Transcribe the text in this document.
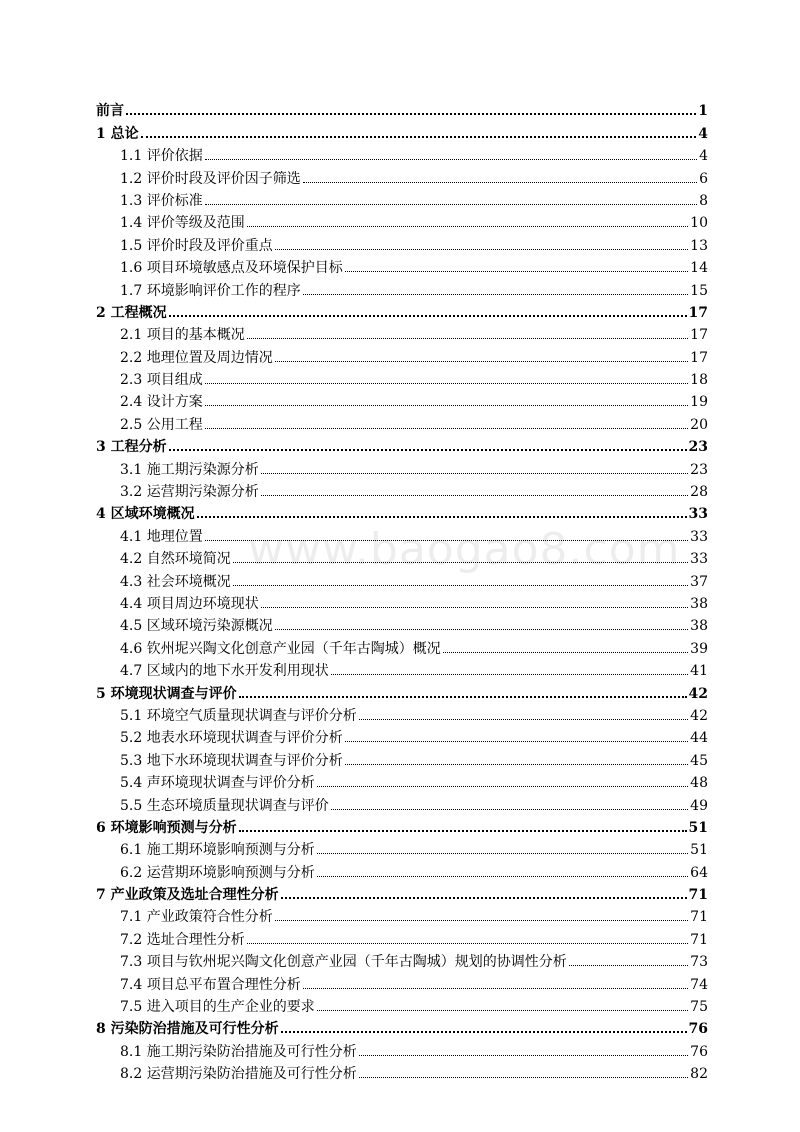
www.baogao8.com
前言	1
1 总论	4
1.1 评价依据	4
1.2 评价时段及评价因子筛选	6
1.3 评价标准	8
1.4 评价等级及范围	10
1.5 评价时段及评价重点	13
1.6 项目环境敏感点及环境保护目标	14
1.7 环境影响评价工作的程序	15
2 工程概况	17
2.1 项目的基本概况	17
2.2 地理位置及周边情况	17
2.3 项目组成	18
2.4 设计方案	19
2.5 公用工程	20
3 工程分析	23
3.1 施工期污染源分析	23
3.2 运营期污染源分析	28
4 区域环境概况	33
4.1 地理位置	33
4.2 自然环境简况	33
4.3 社会环境概况	37
4.4 项目周边环境现状	38
4.5 区域环境污染源概况	38
4.6 钦州坭兴陶文化创意产业园（千年古陶城）概况	39
4.7 区域内的地下水开发利用现状	41
5 环境现状调查与评价	42
5.1 环境空气质量现状调查与评价分析	42
5.2 地表水环境现状调查与评价分析	44
5.3 地下水环境现状调查与评价分析	45
5.4 声环境现状调查与评价分析	48
5.5 生态环境质量现状调查与评价	49
6 环境影响预测与分析	51
6.1 施工期环境影响预测与分析	51
6.2 运营期环境影响预测与分析	64
7 产业政策及选址合理性分析	71
7.1 产业政策符合性分析	71
7.2 选址合理性分析	71
7.3 项目与钦州坭兴陶文化创意产业园（千年古陶城）规划的协调性分析	73
7.4 项目总平布置合理性分析	74
7.5 进入项目的生产企业的要求	75
8 污染防治措施及可行性分析	76
8.1 施工期污染防治措施及可行性分析	76
8.2 运营期污染防治措施及可行性分析	82
